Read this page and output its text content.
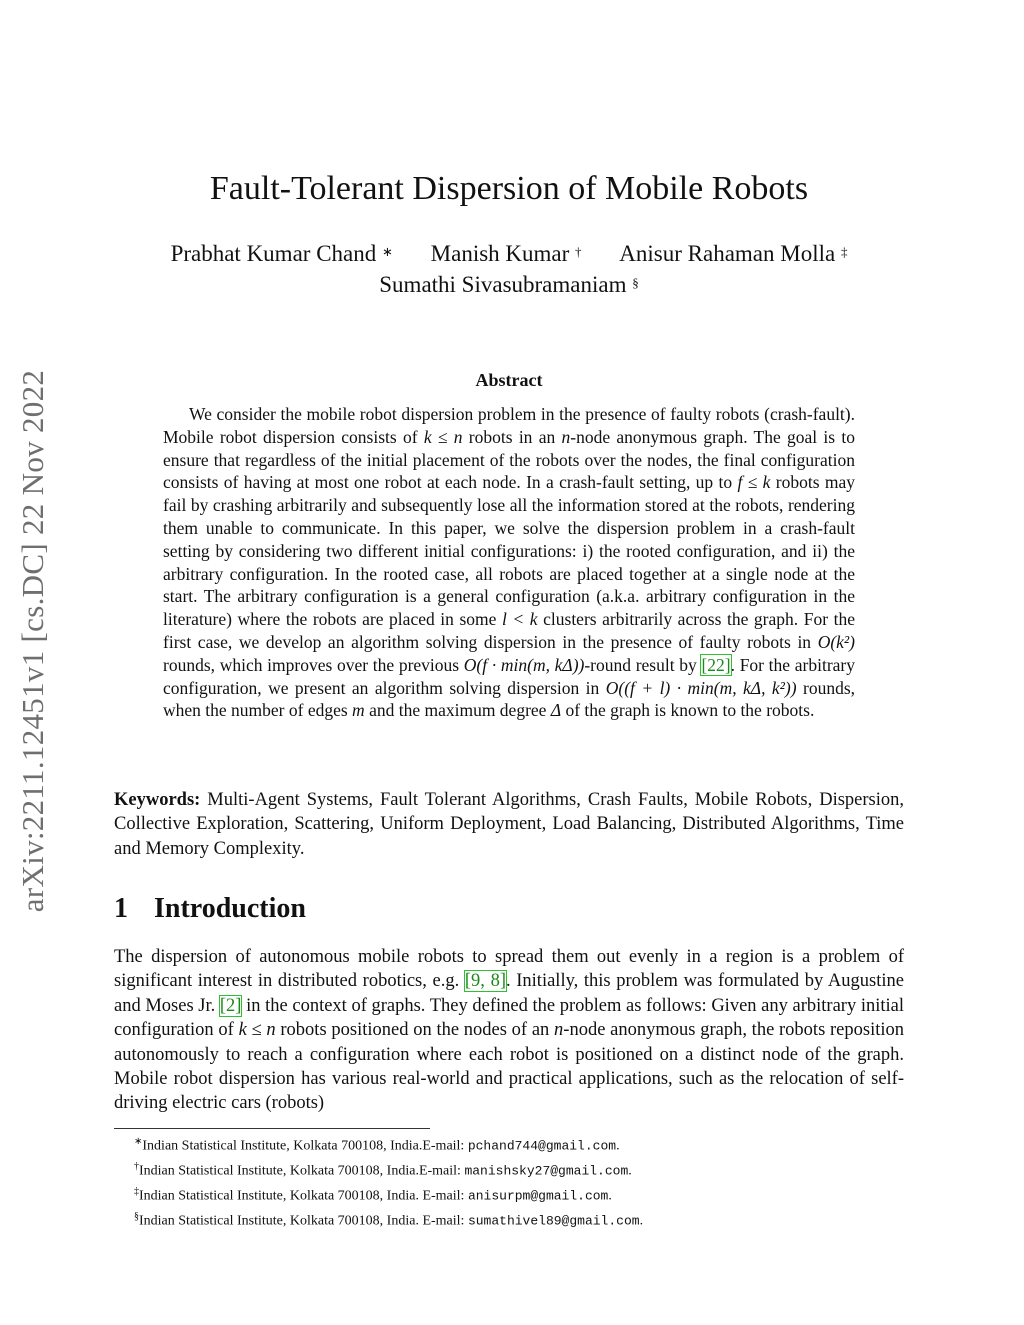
arXiv:2211.12451v1 [cs.DC] 22 Nov 2022
Fault-Tolerant Dispersion of Mobile Robots
Prabhat Kumar Chand ∗ Manish Kumar † Anisur Rahaman Molla ‡
Sumathi Sivasubramaniam §
Abstract

We consider the mobile robot dispersion problem in the presence of faulty robots (crash-fault). Mobile robot dispersion consists of k ≤ n robots in an n-node anonymous graph. The goal is to ensure that regardless of the initial placement of the robots over the nodes, the final configuration consists of having at most one robot at each node. In a crash-fault setting, up to f ≤ k robots may fail by crashing arbitrarily and subsequently lose all the information stored at the robots, rendering them unable to communicate. In this paper, we solve the dispersion problem in a crash-fault setting by considering two different initial configurations: i) the rooted configuration, and ii) the arbitrary configuration. In the rooted case, all robots are placed together at a single node at the start. The arbitrary configuration is a general configuration (a.k.a. arbitrary configuration in the literature) where the robots are placed in some l < k clusters arbitrarily across the graph. For the first case, we develop an algorithm solving dispersion in the presence of faulty robots in O(k²) rounds, which improves over the previous O(f · min(m, kΔ))-round result by [22]. For the arbitrary configuration, we present an algorithm solving dispersion in O((f + l) · min(m, kΔ, k²)) rounds, when the number of edges m and the maximum degree Δ of the graph is known to the robots.

Keywords: Multi-Agent Systems, Fault Tolerant Algorithms, Crash Faults, Mobile Robots, Dispersion, Collective Exploration, Scattering, Uniform Deployment, Load Balancing, Distributed Algorithms, Time and Memory Complexity.

1 Introduction

The dispersion of autonomous mobile robots to spread them out evenly in a region is a problem of significant interest in distributed robotics, e.g. [9, 8]. Initially, this problem was formulated by Augustine and Moses Jr. [2] in the context of graphs. They defined the problem as follows: Given any arbitrary initial configuration of k ≤ n robots positioned on the nodes of an n-node anonymous graph, the robots reposition autonomously to reach a configuration where each robot is positioned on a distinct node of the graph. Mobile robot dispersion has various real-world and practical applications, such as the relocation of self-driving electric cars (robots)

∗Indian Statistical Institute, Kolkata 700108, India.E-mail: pchand744@gmail.com.
†Indian Statistical Institute, Kolkata 700108, India.E-mail: manishsky27@gmail.com.
‡Indian Statistical Institute, Kolkata 700108, India. E-mail: anisurpm@gmail.com.
§Indian Statistical Institute, Kolkata 700108, India. E-mail: sumathivel89@gmail.com.
